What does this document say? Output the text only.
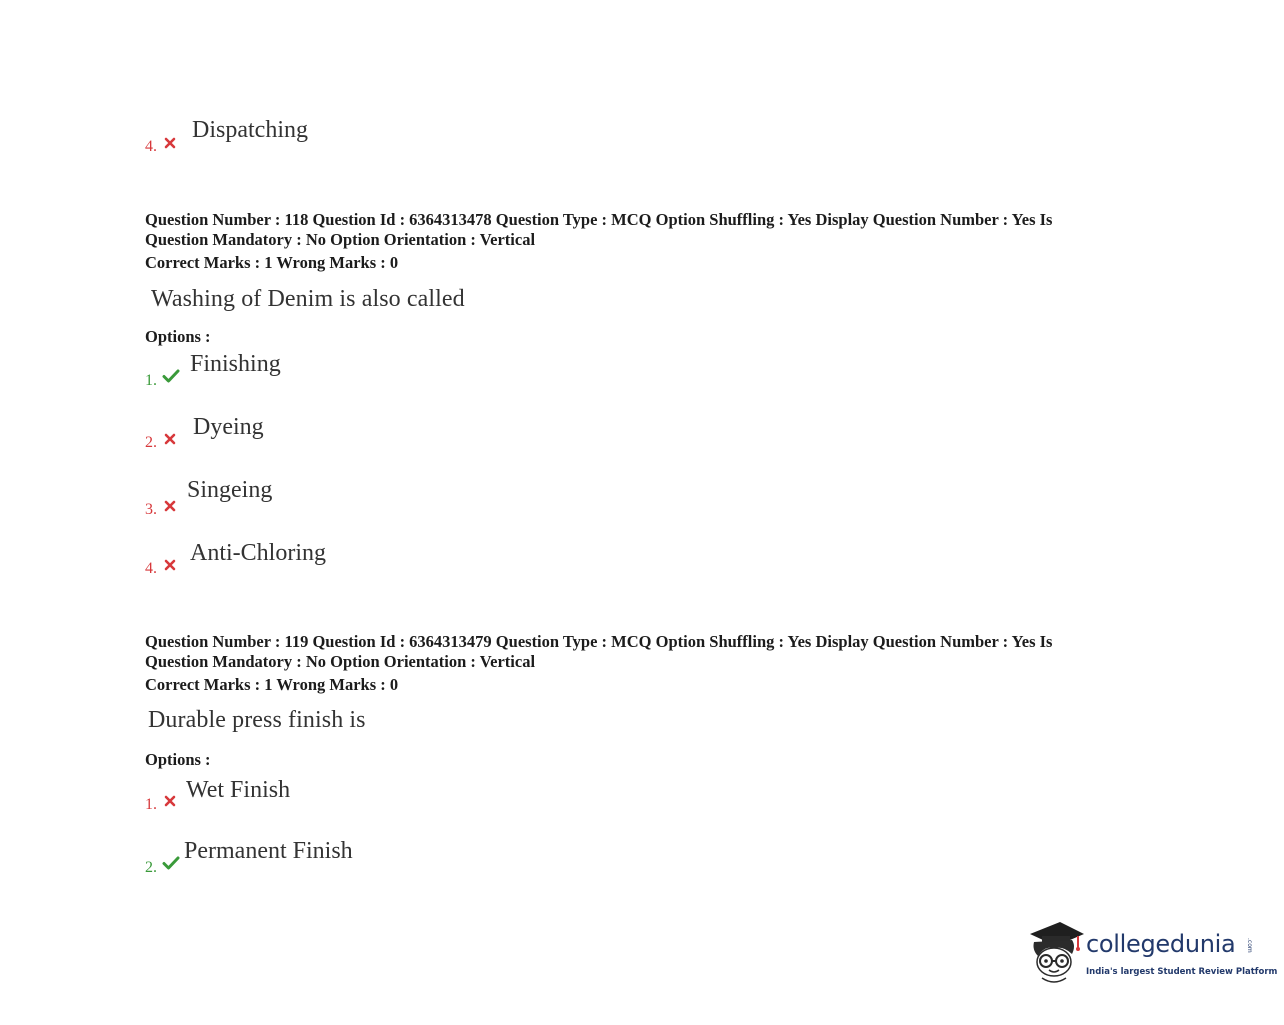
4.
Dispatching
Question Number : 118 Question Id : 6364313478 Question Type : MCQ Option Shuffling : Yes Display Question Number : Yes Is
Question Mandatory : No Option Orientation : Vertical
Correct Marks : 1 Wrong Marks : 0
Washing of Denim is also called
Options :
1.
Finishing
2.
Dyeing
3.
Singeing
4.
Anti-Chloring
Question Number : 119 Question Id : 6364313479 Question Type : MCQ Option Shuffling : Yes Display Question Number : Yes Is
Question Mandatory : No Option Orientation : Vertical
Correct Marks : 1 Wrong Marks : 0
Durable press finish is
Options :
1.
Wet Finish
2.
Permanent Finish
collegedunia .com
India's largest Student Review Platform
